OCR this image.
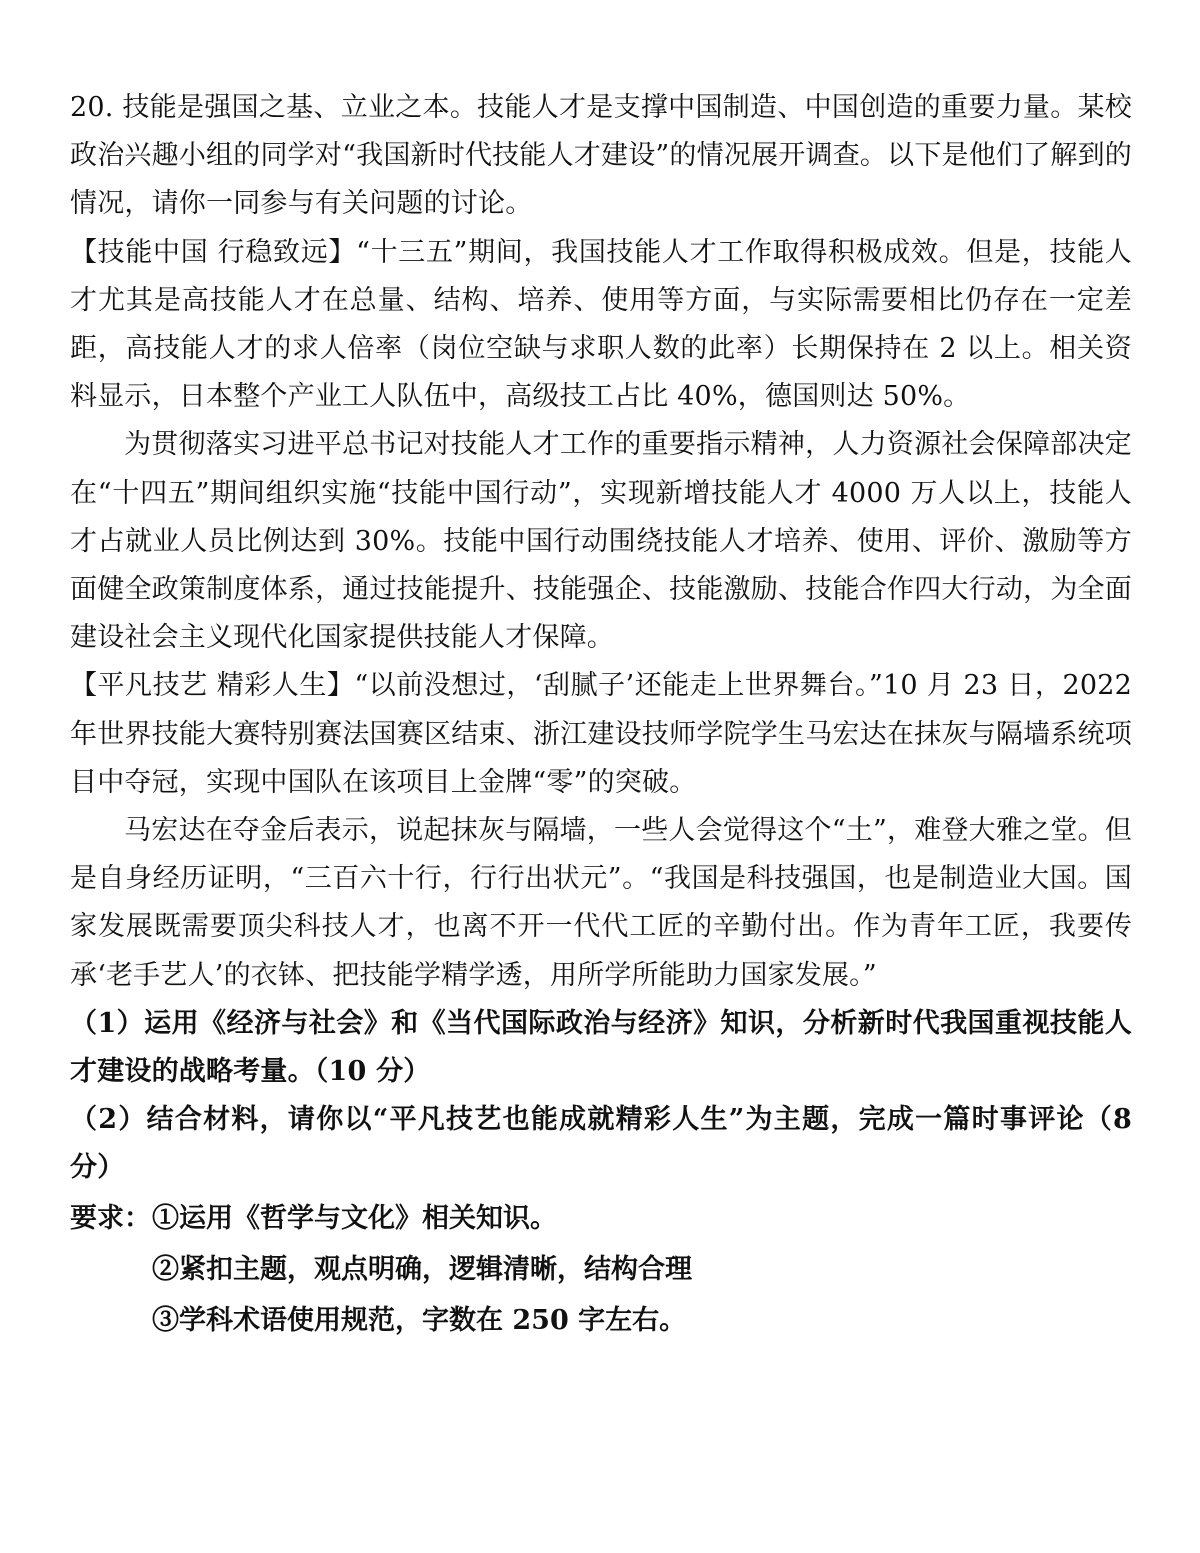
20. 技能是强国之基、立业之本。技能人才是支撑中国制造、中国创造的重要力量。某校政治兴趣小组的同学对“我国新时代技能人才建设”的情况展开调查。以下是他们了解到的情况，请你一同参与有关问题的讨论。

【技能中国 行稳致远】“十三五”期间，我国技能人才工作取得积极成效。但是，技能人才尤其是高技能人才在总量、结构、培养、使用等方面，与实际需要相比仍存在一定差距，高技能人才的求人倍率（岗位空缺与求职人数的此率）长期保持在 2 以上。相关资料显示，日本整个产业工人队伍中，高级技工占比 40%，德国则达 50%。

为贯彻落实习进平总书记对技能人才工作的重要指示精神，人力资源社会保障部决定在“十四五”期间组织实施“技能中国行动”，实现新增技能人才 4000 万人以上，技能人才占就业人员比例达到 30%。技能中国行动围绕技能人才培养、使用、评价、激励等方面健全政策制度体系，通过技能提升、技能强企、技能激励、技能合作四大行动，为全面建设社会主义现代化国家提供技能人才保障。

【平凡技艺 精彩人生】“以前没想过，‘刮腻子’还能走上世界舞台。”10 月 23 日，2022 年世界技能大赛特别赛法国赛区结束、浙江建设技师学院学生马宏达在抹灰与隔墙系统项目中夺冠，实现中国队在该项目上金牌“零”的突破。

马宏达在夺金后表示，说起抹灰与隔墙，一些人会觉得这个“土”，难登大雅之堂。但是自身经历证明，“三百六十行，行行出状元”。“我国是科技强国，也是制造业大国。国家发展既需要顶尖科技人才，也离不开一代代工匠的辛勤付出。作为青年工匠，我要传承‘老手艺人’的衣钵、把技能学精学透，用所学所能助力国家发展。”

（1）运用《经济与社会》和《当代国际政治与经济》知识，分析新时代我国重视技能人才建设的战略考量。（10 分）

（2）结合材料，请你以“平凡技艺也能成就精彩人生”为主题，完成一篇时事评论（8 分）

要求： ①运用《哲学与文化》相关知识。
②紧扣主题，观点明确，逻辑清晰，结构合理
③学科术语使用规范，字数在 250 字左右。
